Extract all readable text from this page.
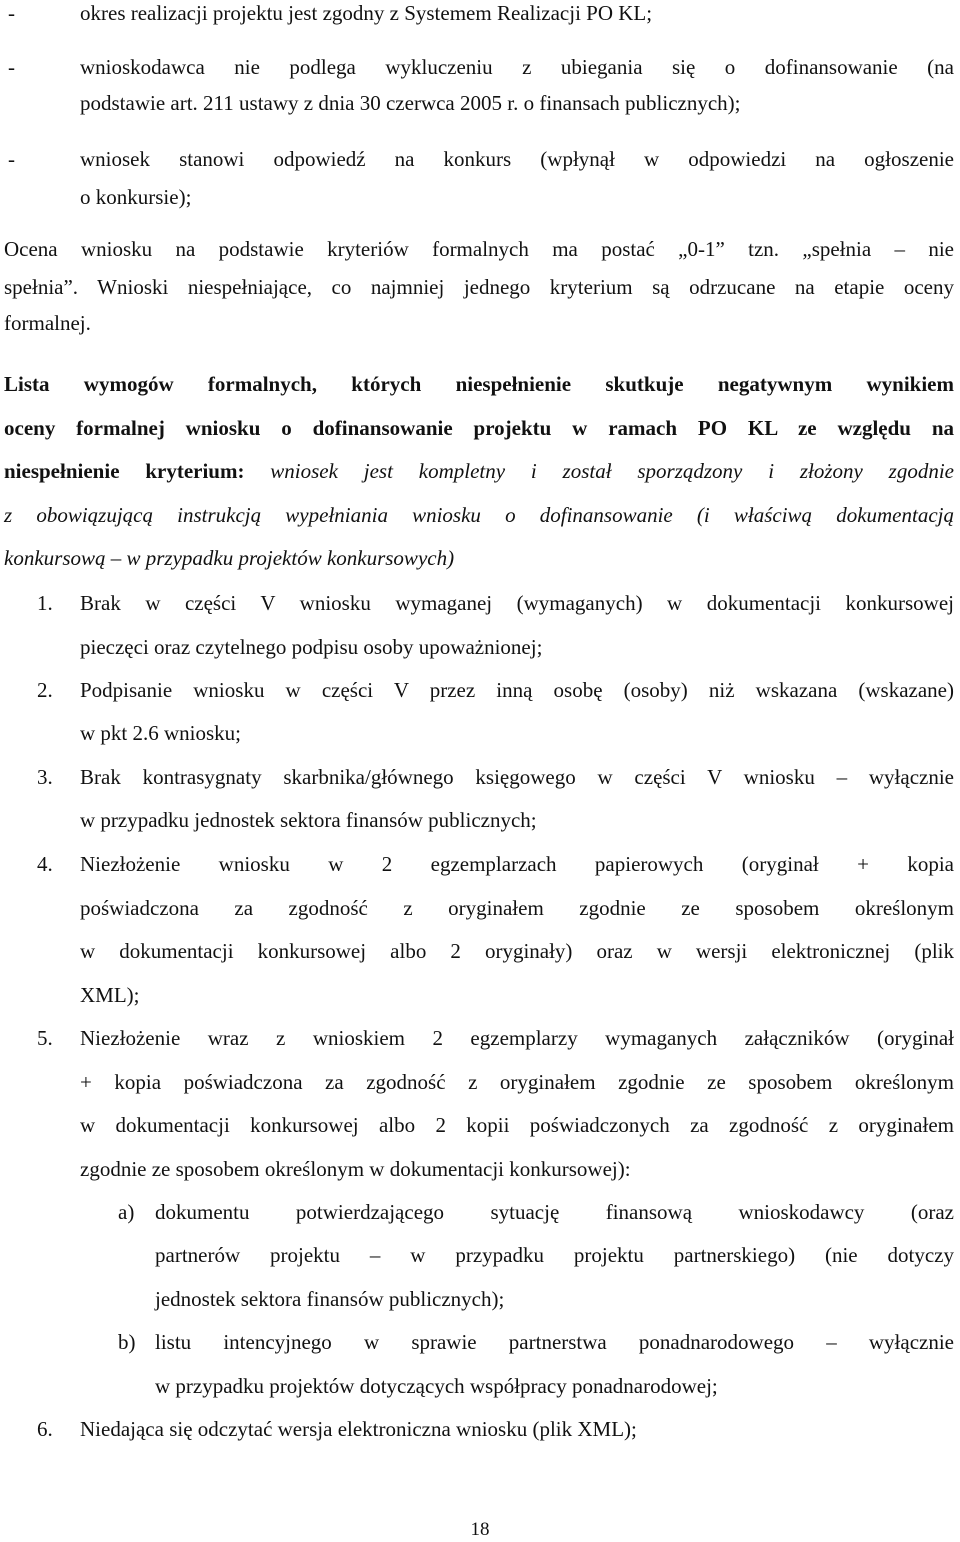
-	okres realizacji projektu jest zgodny z Systemem Realizacji PO KL;
-	wnioskodawca nie podlega wykluczeniu z ubiegania się o dofinansowanie (na
podstawie art. 211 ustawy z dnia 30 czerwca 2005 r. o finansach publicznych);
-	wniosek stanowi odpowiedź na konkurs (wpłynął w odpowiedzi na ogłoszenie
o konkursie);
Ocena wniosku na podstawie kryteriów formalnych ma postać „0-1” tzn. „spełnia – nie
spełnia”. Wnioski niespełniające, co najmniej jednego kryterium są odrzucane na etapie oceny
formalnej.
Lista wymogów formalnych, których niespełnienie skutkuje negatywnym wynikiem
oceny formalnej wniosku o dofinansowanie projektu w ramach PO KL ze względu na
niespełnienie kryterium: wniosek jest kompletny i został sporządzony i złożony zgodnie
z obowiązującą instrukcją wypełniania wniosku o dofinansowanie (i właściwą dokumentacją
konkursową – w przypadku projektów konkursowych)
1. Brak w części V wniosku wymaganej (wymaganych) w dokumentacji konkursowej
pieczęci oraz czytelnego podpisu osoby upoważnionej;
2. Podpisanie wniosku w części V przez inną osobę (osoby) niż wskazana (wskazane)
w pkt 2.6 wniosku;
3. Brak kontrasygnaty skarbnika/głównego księgowego w części V wniosku – wyłącznie
w przypadku jednostek sektora finansów publicznych;
4. Niezłożenie wniosku w 2 egzemplarzach papierowych (oryginał + kopia
poświadczona za zgodność z oryginałem zgodnie ze sposobem określonym
w dokumentacji konkursowej albo 2 oryginały) oraz w wersji elektronicznej (plik
XML);
5. Niezłożenie wraz z wnioskiem 2 egzemplarzy wymaganych załączników (oryginał
+ kopia poświadczona za zgodność z oryginałem zgodnie ze sposobem określonym
w dokumentacji konkursowej albo 2 kopii poświadczonych za zgodność z oryginałem
zgodnie ze sposobem określonym w dokumentacji konkursowej):
a) dokumentu potwierdzającego sytuację finansową wnioskodawcy (oraz
partnerów projektu – w przypadku projektu partnerskiego) (nie dotyczy
jednostek sektora finansów publicznych);
b) listu intencyjnego w sprawie partnerstwa ponadnarodowego – wyłącznie
w przypadku projektów dotyczących współpracy ponadnarodowej;
6. Niedająca się odczytać wersja elektroniczna wniosku (plik XML);
18
